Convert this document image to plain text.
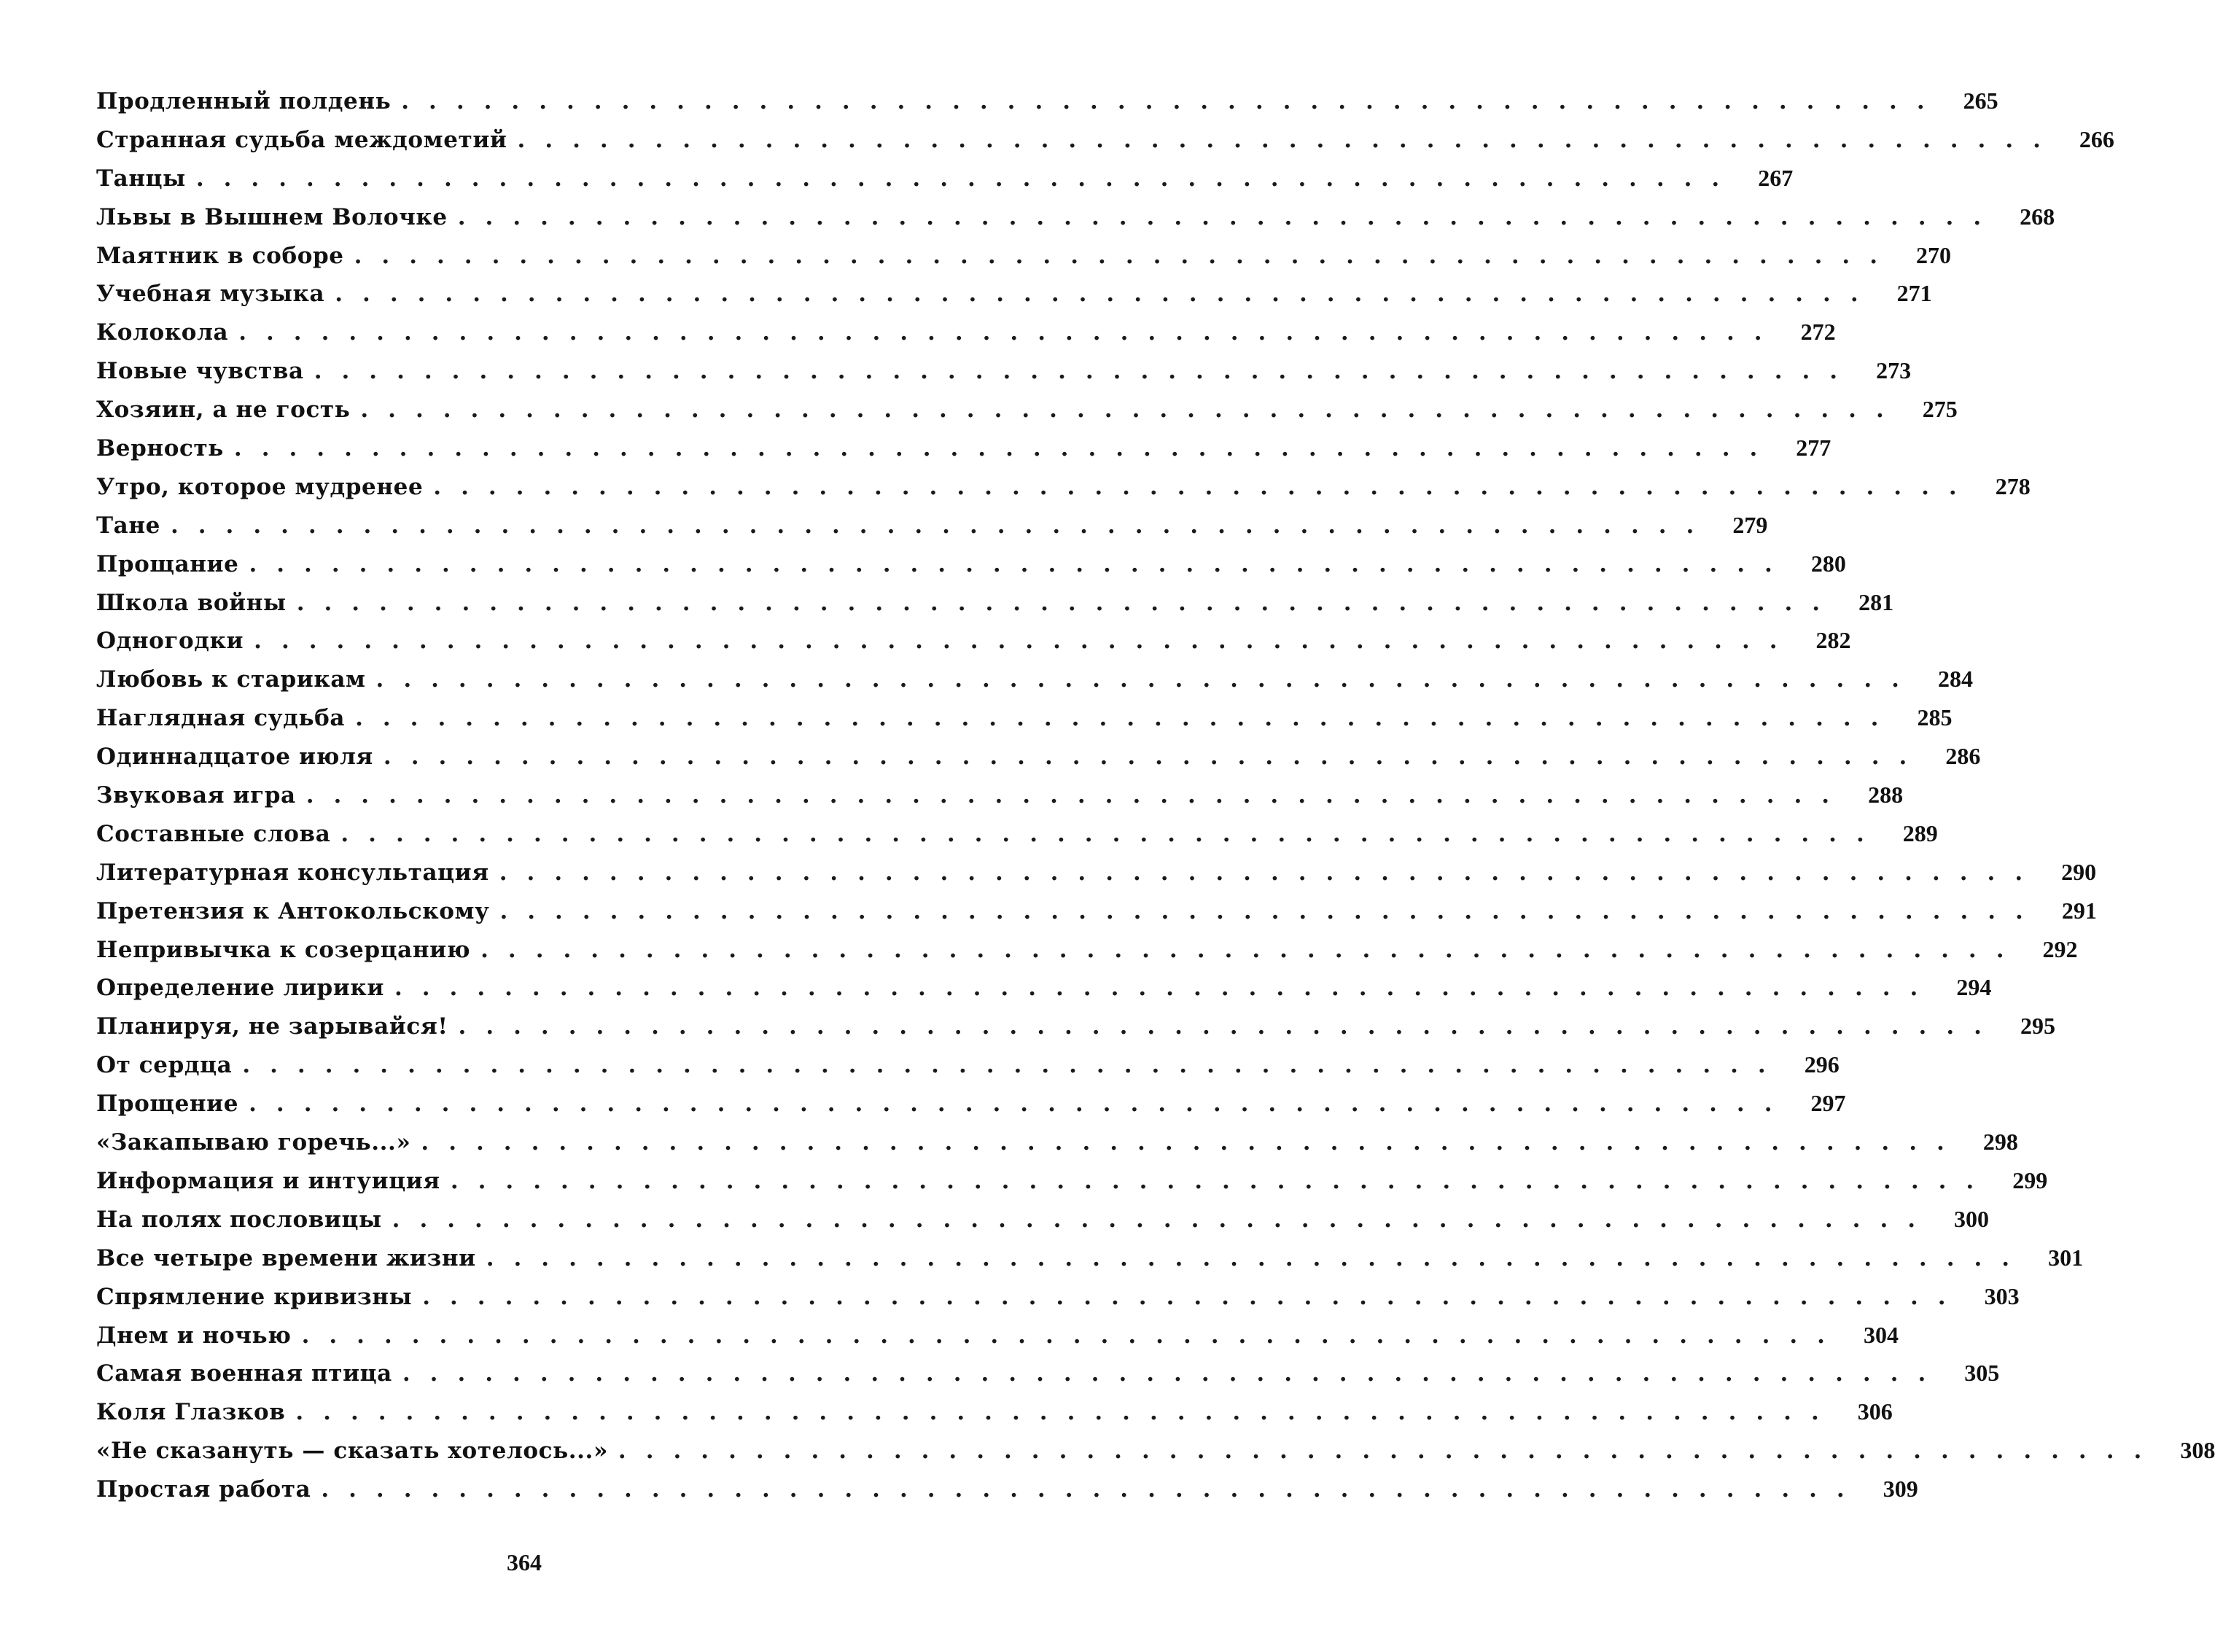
Продленный полдень ........................................................ 265
Странная судьба междометий ........................................................ 266
Танцы ........................................................ 267
Львы в Вышнем Волочке ........................................................ 268
Маятник в соборе ........................................................ 270
Учебная музыка ........................................................ 271
Колокола ........................................................ 272
Новые чувства ........................................................ 273
Хозяин, а не гость ........................................................ 275
Верность ........................................................ 277
Утро, которое мудренее ........................................................ 278
Тане ........................................................ 279
Прощание ........................................................ 280
Школа войны ........................................................ 281
Одногодки ........................................................ 282
Любовь к старикам ........................................................ 284
Наглядная судьба ........................................................ 285
Одиннадцатое июля ........................................................ 286
Звуковая игра ........................................................ 288
Составные слова ........................................................ 289
Литературная консультация ........................................................ 290
Претензия к Антокольскому ........................................................ 291
Непривычка к созерцанию ........................................................ 292
Определение лирики ........................................................ 294
Планируя, не зарывайся! ........................................................ 295
От сердца ........................................................ 296
Прощение ........................................................ 297
«Закапываю горечь...» ........................................................ 298
Информация и интуиция ........................................................ 299
На полях пословицы ........................................................ 300
Все четыре времени жизни ........................................................ 301
Спрямление кривизны ........................................................ 303
Днем и ночью ........................................................ 304
Самая военная птица ........................................................ 305
Коля Глазков ........................................................ 306
«Не сказануть — сказать хотелось...» ........................................................ 308
Простая работа ........................................................ 309
364
